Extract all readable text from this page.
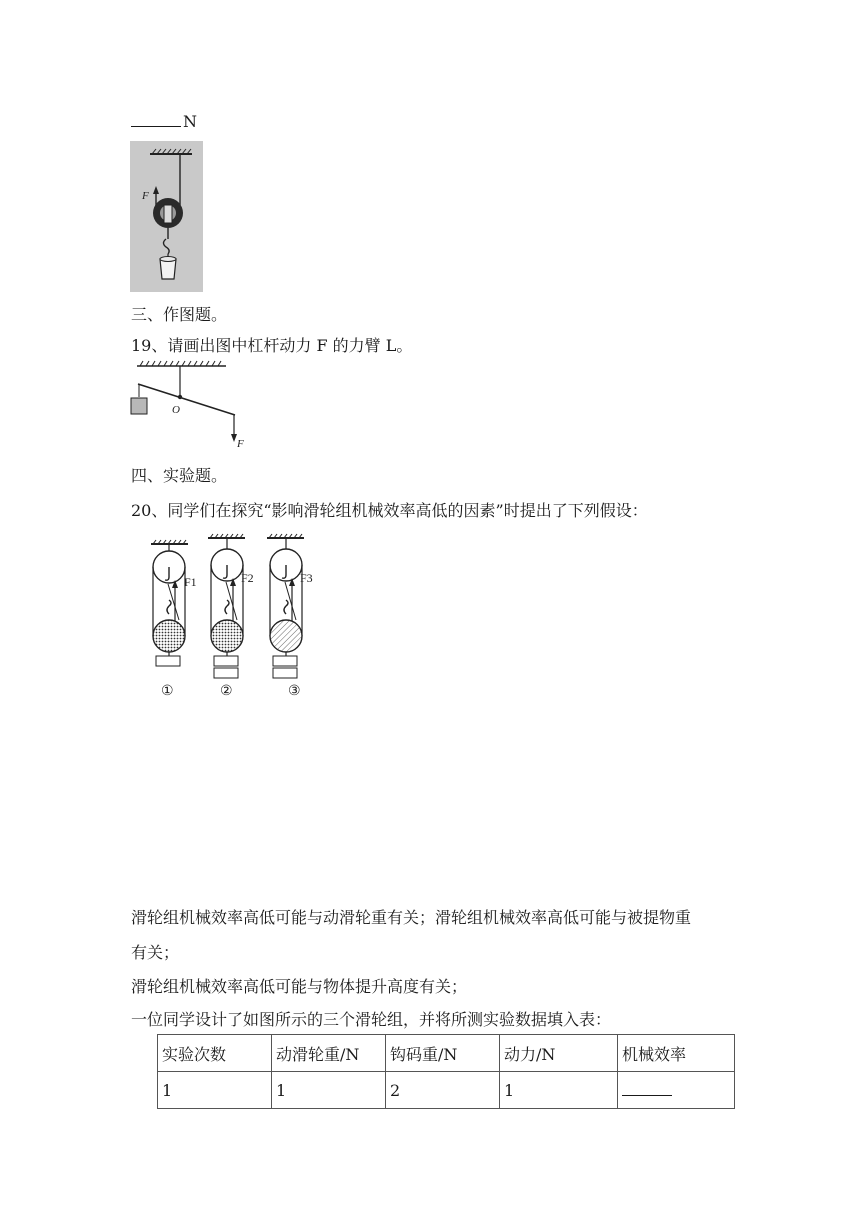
N
F
三、作图题。
19、请画出图中杠杆动力 F 的力臂 L。
O
F
四、实验题。
20、同学们在探究“影响滑轮组机械效率高低的因素”时提出了下列假设：
F1
①
F2
②
F3
③
滑轮组机械效率高低可能与动滑轮重有关；滑轮组机械效率高低可能与被提物重
有关；
滑轮组机械效率高低可能与物体提升高度有关；
一位同学设计了如图所示的三个滑轮组，并将所测实验数据填入表：
实验次数	动滑轮重/N	钩码重/N	动力/N	机械效率
1	1	2	1	
